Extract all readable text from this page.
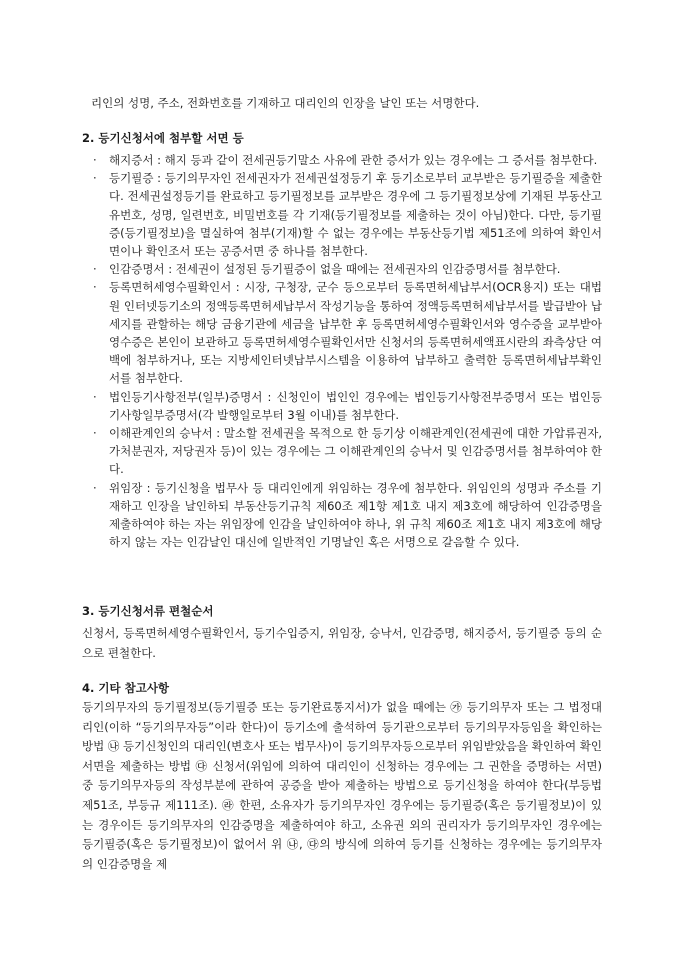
리인의 성명, 주소, 전화번호를 기재하고 대리인의 인장을 날인 또는 서명한다.

2. 등기신청서에 첨부할 서면 등
· 해지증서 : 해지 등과 같이 전세권등기말소 사유에 관한 증서가 있는 경우에는 그 증서를 첨부한다.
· 등기필증 : 등기의무자인 전세권자가 전세권설정등기 후 등기소로부터 교부받은 등기필증을 제출한다. 전세권설정등기를 완료하고 등기필정보를 교부받은 경우에 그 등기필정보상에 기재된 부동산고유번호, 성명, 일련번호, 비밀번호를 각 기재(등기필정보를 제출하는 것이 아님)한다. 다만, 등기필증(등기필정보)을 멸실하여 첨부(기재)할 수 없는 경우에는 부동산등기법 제51조에 의하여 확인서면이나 확인조서 또는 공증서면 중 하나를 첨부한다.
· 인감증명서 : 전세권이 설정된 등기필증이 없을 때에는 전세권자의 인감증명서를 첨부한다.
· 등록면허세영수필확인서 : 시장, 구청장, 군수 등으로부터 등록면허세납부서(OCR용지) 또는 대법원 인터넷등기소의 정액등록면허세납부서 작성기능을 통하여 정액등록면허세납부서를 발급받아 납세지를 관할하는 해당 금융기관에 세금을 납부한 후 등록면허세영수필확인서와 영수증을 교부받아 영수증은 본인이 보관하고 등록면허세영수필확인서만 신청서의 등록면허세액표시란의 좌측상단 여백에 첨부하거나, 또는 지방세인터넷납부시스템을 이용하여 납부하고 출력한 등록면허세납부확인서를 첨부한다.
· 법인등기사항전부(일부)증명서 : 신청인이 법인인 경우에는 법인등기사항전부증명서 또는 법인등기사항일부증명서(각 발행일로부터 3월 이내)를 첨부한다.
· 이해관계인의 승낙서 : 말소할 전세권을 목적으로 한 등기상 이해관계인(전세권에 대한 가압류권자, 가처분권자, 저당권자 등)이 있는 경우에는 그 이해관계인의 승낙서 및 인감증명서를 첨부하여야 한다.
· 위임장 : 등기신청을 법무사 등 대리인에게 위임하는 경우에 첨부한다. 위임인의 성명과 주소를 기재하고 인장을 날인하되 부동산등기규칙 제60조 제1항 제1호 내지 제3호에 해당하여 인감증명을 제출하여야 하는 자는 위임장에 인감을 날인하여야 하나, 위 규칙 제60조 제1호 내지 제3호에 해당하지 않는 자는 인감날인 대신에 일반적인 기명날인 혹은 서명으로 갈음할 수 있다.
3. 등기신청서류 편철순서

신청서, 등록면허세영수필확인서, 등기수입증지, 위임장, 승낙서, 인감증명, 해지증서, 등기필증 등의 순으로 편철한다.

4. 기타 참고사항

등기의무자의 등기필정보(등기필증 또는 등기완료통지서)가 없을 때에는 ㉮ 등기의무자 또는 그 법정대리인(이하 “등기의무자등”이라 한다)이 등기소에 출석하여 등기관으로부터 등기의무자등임을 확인하는 방법 ㉯ 등기신청인의 대리인(변호사 또는 법무사)이 등기의무자등으로부터 위임받았음을 확인하여 확인서면을 제출하는 방법 ㉰ 신청서(위임에 의하여 대리인이 신청하는 경우에는 그 권한을 증명하는 서면) 중 등기의무자등의 작성부분에 관하여 공증을 받아 제출하는 방법으로 등기신청을 하여야 한다(부등법 제51조, 부등규 제111조). ㉱ 한편, 소유자가 등기의무자인 경우에는 등기필증(혹은 등기필정보)이 있는 경우이든 등기의무자의 인감증명을 제출하여야 하고, 소유권 외의 권리자가 등기의무자인 경우에는 등기필증(혹은 등기필정보)이 없어서 위 ㉯, ㉰의 방식에 의하여 등기를 신청하는 경우에는 등기의무자의 인감증명을 제
